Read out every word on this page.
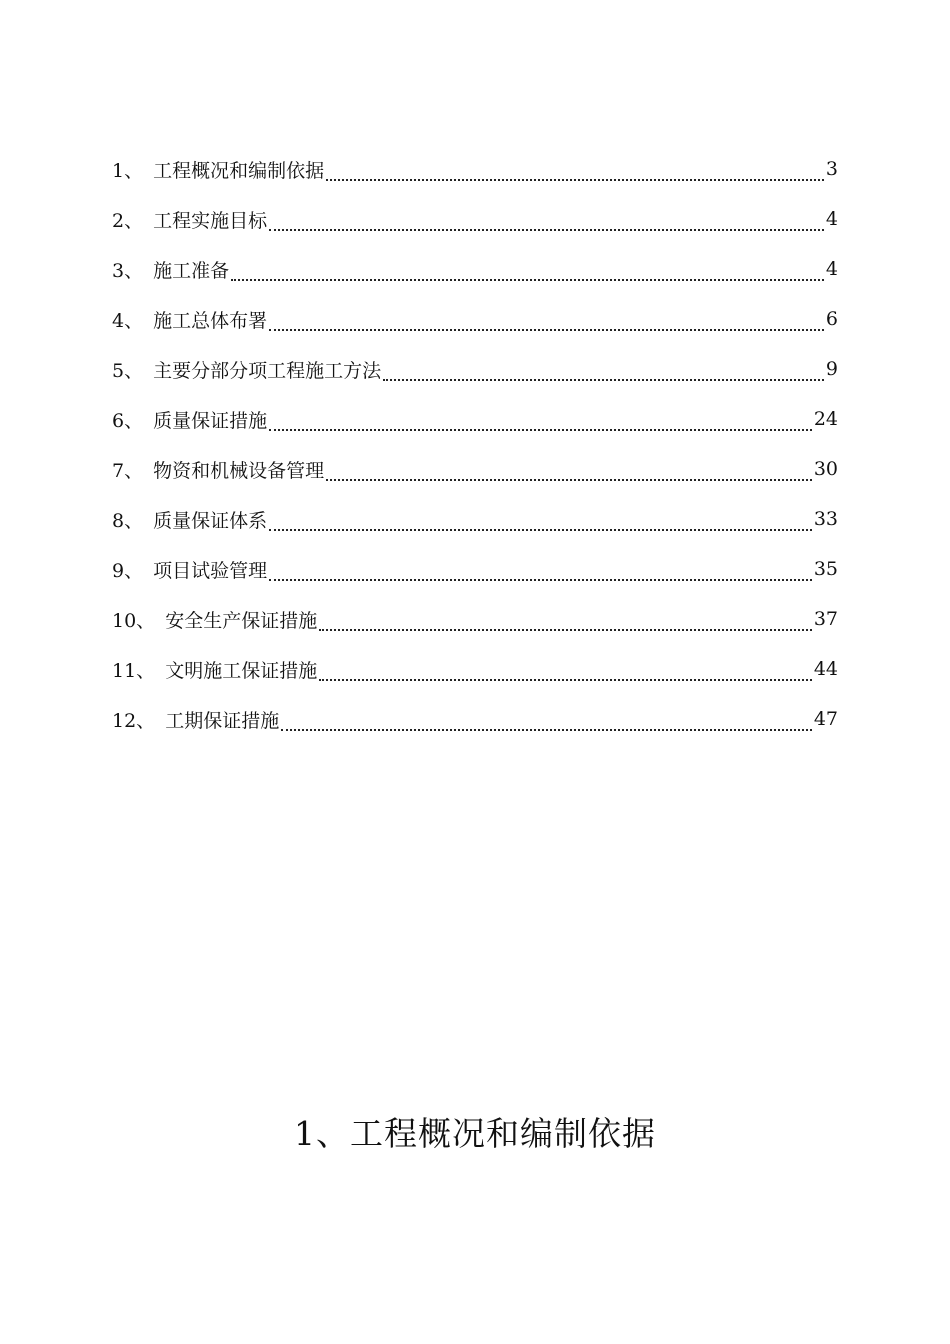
1、 工程概况和编制依据	3
2、 工程实施目标	4
3、 施工准备	4
4、 施工总体布署	6
5、 主要分部分项工程施工方法	9
6、 质量保证措施	24
7、 物资和机械设备管理	30
8、 质量保证体系	33
9、 项目试验管理	35
10、 安全生产保证措施	37
11、 文明施工保证措施	44
12、 工期保证措施	47
1、工程概况和编制依据
